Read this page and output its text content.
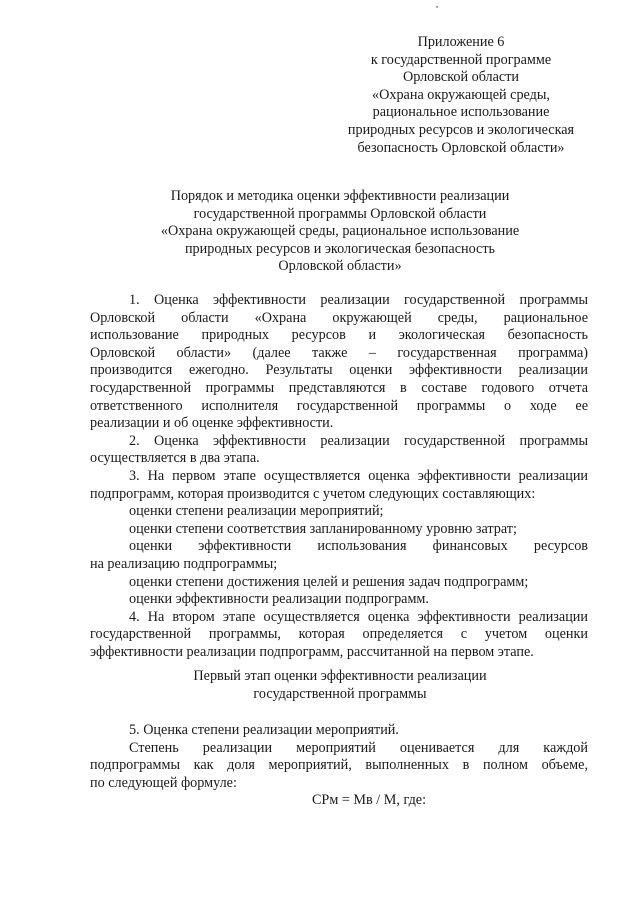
Приложение 6
к государственной программе
Орловской области
«Охрана окружающей среды,
рациональное использование
природных ресурсов и экологическая
безопасность Орловской области»
Порядок и методика оценки эффективности реализации
государственной программы Орловской области
«Охрана окружающей среды, рациональное использование
природных ресурсов и экологическая безопасность
Орловской области»
1. Оценка эффективности реализации государственной программы
Орловской области «Охрана окружающей среды, рациональное
использование природных ресурсов и экологическая безопасность
Орловской области» (далее также – государственная программа)
производится ежегодно. Результаты оценки эффективности реализации
государственной программы представляются в составе годового отчета
ответственного исполнителя государственной программы о ходе ее
реализации и об оценке эффективности.
2. Оценка эффективности реализации государственной программы
осуществляется в два этапа.
3. На первом этапе осуществляется оценка эффективности реализации
подпрограмм, которая производится с учетом следующих составляющих:
оценки степени реализации мероприятий;
оценки степени соответствия запланированному уровню затрат;
оценки эффективности использования финансовых ресурсов
на реализацию подпрограммы;
оценки степени достижения целей и решения задач подпрограмм;
оценки эффективности реализации подпрограмм.
4. На втором этапе осуществляется оценка эффективности реализации
государственной программы, которая определяется с учетом оценки
эффективности реализации подпрограмм, рассчитанной на первом этапе.
Первый этап оценки эффективности реализации
государственной программы
5. Оценка степени реализации мероприятий.
Степень реализации мероприятий оценивается для каждой
подпрограммы как доля мероприятий, выполненных в полном объеме,
по следующей формуле:
СРм = Мв / М, где:
